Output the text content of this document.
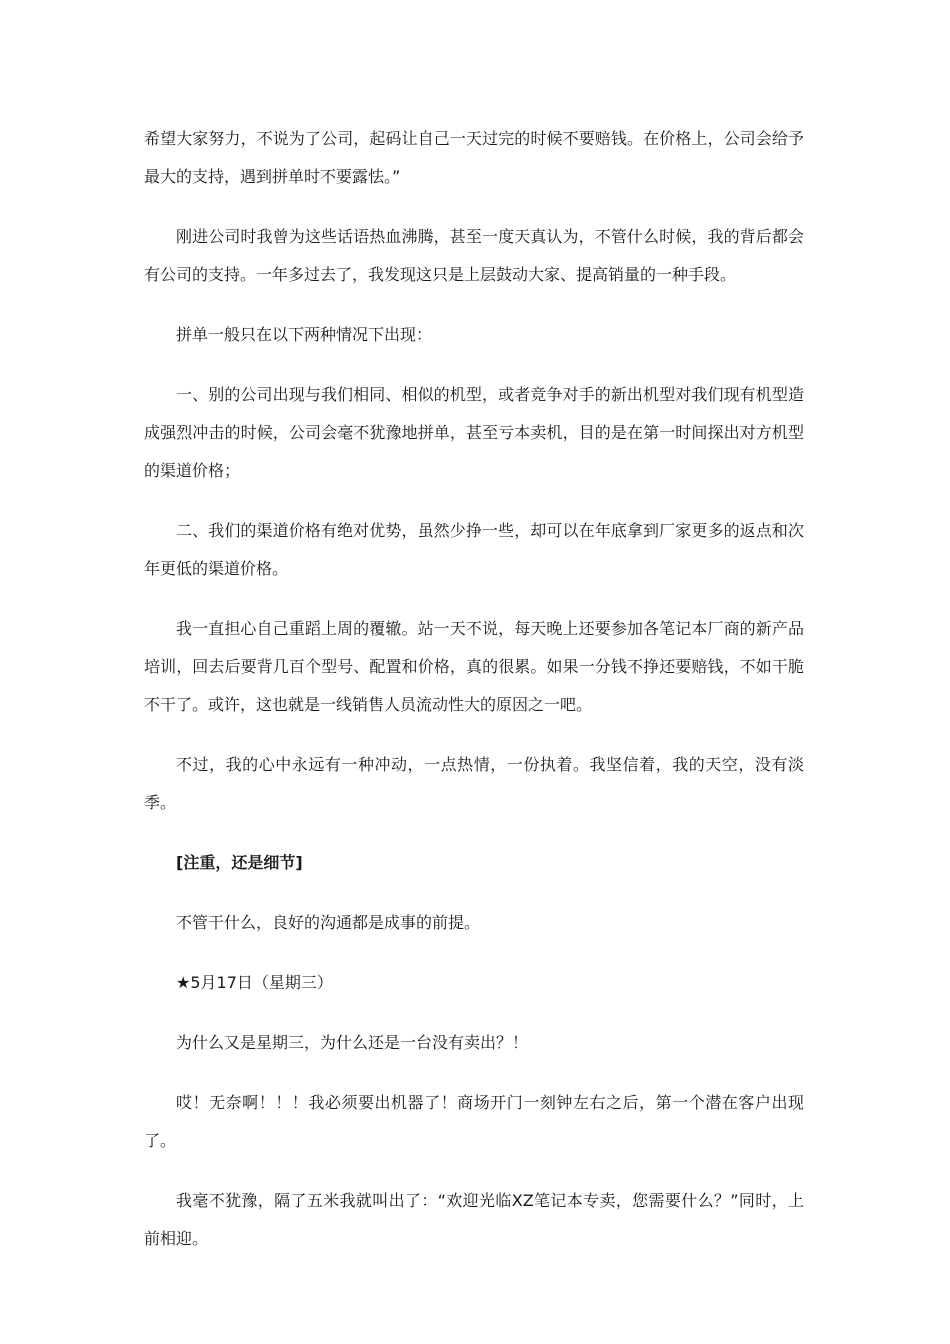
希望大家努力，不说为了公司，起码让自己一天过完的时候不要赔钱。在价格上，公司会给予最大的支持，遇到拼单时不要露怯。”

刚进公司时我曾为这些话语热血沸腾，甚至一度天真认为，不管什么时候，我的背后都会有公司的支持。一年多过去了，我发现这只是上层鼓动大家、提高销量的一种手段。

拼单一般只在以下两种情况下出现：

一、别的公司出现与我们相同、相似的机型，或者竞争对手的新出机型对我们现有机型造成强烈冲击的时候，公司会毫不犹豫地拼单，甚至亏本卖机，目的是在第一时间探出对方机型的渠道价格；

二、我们的渠道价格有绝对优势，虽然少挣一些，却可以在年底拿到厂家更多的返点和次年更低的渠道价格。

我一直担心自己重蹈上周的覆辙。站一天不说，每天晚上还要参加各笔记本厂商的新产品培训，回去后要背几百个型号、配置和价格，真的很累。如果一分钱不挣还要赔钱，不如干脆不干了。或许，这也就是一线销售人员流动性大的原因之一吧。

不过，我的心中永远有一种冲动，一点热情，一份执着。我坚信着，我的天空，没有淡季。

[注重，还是细节]

不管干什么，良好的沟通都是成事的前提。

★5月17日（星期三）

为什么又是星期三，为什么还是一台没有卖出？！

哎！无奈啊！！！我必须要出机器了！商场开门一刻钟左右之后，第一个潜在客户出现了。

我毫不犹豫，隔了五米我就叫出了：“欢迎光临XZ笔记本专卖，您需要什么？”同时，上前相迎。
